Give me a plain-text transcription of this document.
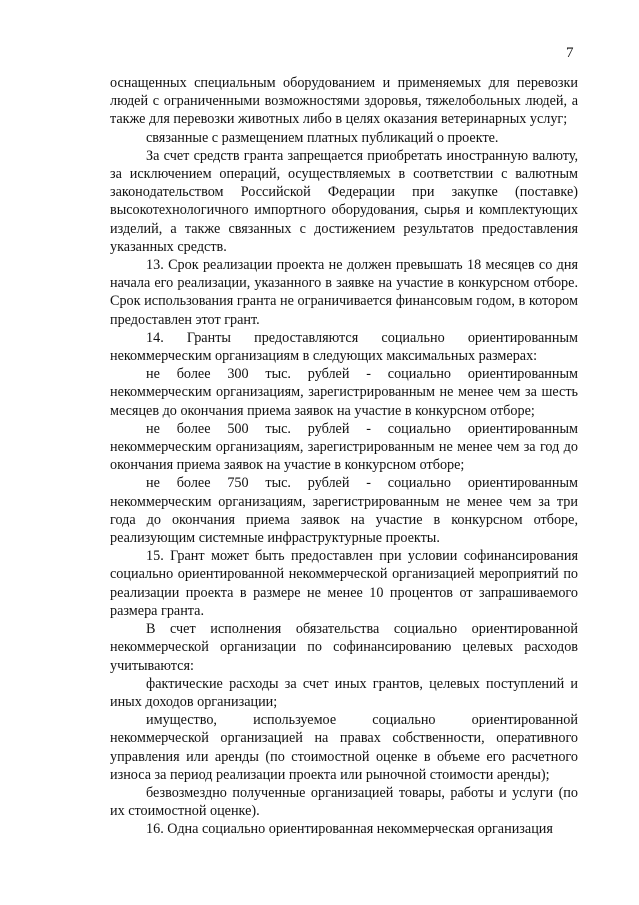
7

оснащенных специальным оборудованием и применяемых для перевозки людей с ограниченными возможностями здоровья, тяжелобольных людей, а также для перевозки животных либо в целях оказания ветеринарных услуг;

связанные с размещением платных публикаций о проекте.

За счет средств гранта запрещается приобретать иностранную валюту, за исключением операций, осуществляемых в соответствии с валютным законодательством Российской Федерации при закупке (поставке) высокотехнологичного импортного оборудования, сырья и комплектующих изделий, а также связанных с достижением результатов предоставления указанных средств.

13. Срок реализации проекта не должен превышать 18 месяцев со дня начала его реализации, указанного в заявке на участие в конкурсном отборе. Срок использования гранта не ограничивается финансовым годом, в котором предоставлен этот грант.

14. Гранты предоставляются социально ориентированным некоммерческим организациям в следующих максимальных размерах:

не более 300 тыс. рублей - социально ориентированным некоммерческим организациям, зарегистрированным не менее чем за шесть месяцев до окончания приема заявок на участие в конкурсном отборе;

не более 500 тыс. рублей - социально ориентированным некоммерческим организациям, зарегистрированным не менее чем за год до окончания приема заявок на участие в конкурсном отборе;

не более 750 тыс. рублей - социально ориентированным некоммерческим организациям, зарегистрированным не менее чем за три года до окончания приема заявок на участие в конкурсном отборе, реализующим системные инфраструктурные проекты.

15. Грант может быть предоставлен при условии софинансирования социально ориентированной некоммерческой организацией мероприятий по реализации проекта в размере не менее 10 процентов от запрашиваемого размера гранта.

В счет исполнения обязательства социально ориентированной некоммерческой организации по софинансированию целевых расходов учитываются:

фактические расходы за счет иных грантов, целевых поступлений и иных доходов организации;

имущество, используемое социально ориентированной некоммерческой организацией на правах собственности, оперативного управления или аренды (по стоимостной оценке в объеме его расчетного износа за период реализации проекта или рыночной стоимости аренды);

безвозмездно полученные организацией товары, работы и услуги (по их стоимостной оценке).

16. Одна социально ориентированная некоммерческая организация
